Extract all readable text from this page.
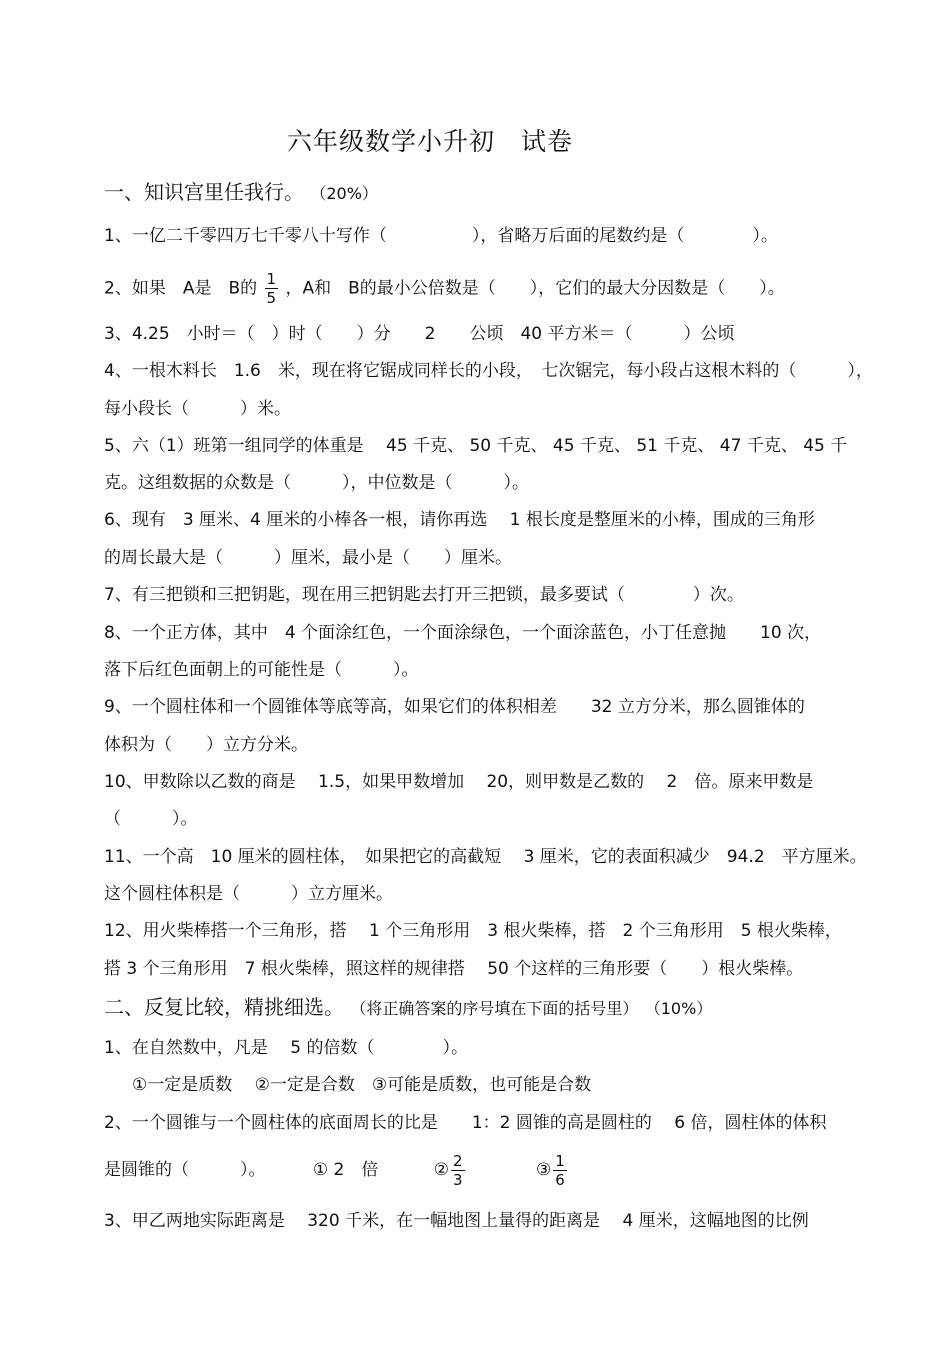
六年级数学小升初　试卷
一、知识宫里任我行。 （20%）
1、一亿二千零四万七千零八十写作（　　　　　），省略万后面的尾数约是（　　　　）。
2、如果　A是　B的 $\frac{1}{5}$ ，A和　B的最小公倍数是（　　），它们的最大分因数是（　　）。
3、4.25　小时＝（　）时（　　）分　　2　　公顷　40 平方米＝（　　　）公顷
4、一根木料长　1.6　米，现在将它锯成同样长的小段，　七次锯完，每小段占这根木料的（　　　），
每小段长（　　　）米。
5、六（1）班第一组同学的体重是　 45 千克、 50 千克、 45 千克、 51 千克、 47 千克、 45 千
克。这组数据的众数是（　　　），中位数是（　　　）。
6、现有　3 厘米、4 厘米的小棒各一根，请你再选　 1 根长度是整厘米的小棒，围成的三角形
的周长最大是（　　　）厘米，最小是（　　）厘米。
7、有三把锁和三把钥匙，现在用三把钥匙去打开三把锁，最多要试（　　　　）次。
8、一个正方体，其中　4 个面涂红色，一个面涂绿色，一个面涂蓝色，小丁任意抛　　10 次，
落下后红色面朝上的可能性是（　　　）。
9、一个圆柱体和一个圆锥体等底等高，如果它们的体积相差　　32 立方分米，那么圆锥体的
体积为（　　）立方分米。
10、甲数除以乙数的商是　 1.5，如果甲数增加　 20，则甲数是乙数的　 2　倍。原来甲数是
（　　　）。
11、一个高　10 厘米的圆柱体，　如果把它的高截短　 3 厘米，它的表面积减少　94.2　平方厘米。
这个圆柱体积是（　　　）立方厘米。
12、用火柴棒搭一个三角形，搭　 1 个三角形用　3 根火柴棒，搭　2 个三角形用　5 根火柴棒，
搭 3 个三角形用　7 根火柴棒，照这样的规律搭　 50 个这样的三角形要（　　）根火柴棒。
二、反复比较，精挑细选。 （将正确答案的序号填在下面的括号里） （10%）
1、在自然数中，凡是　 5 的倍数（　　　　）。
①一定是质数　 ②一定是合数　③可能是质数，也可能是合数
2、一个圆锥与一个圆柱体的底面周长的比是　　1：2 圆锥的高是圆柱的　 6 倍，圆柱体的体积
是圆锥的（　　　）。	① 2　倍	② $\frac{2}{3}$	③ $\frac{1}{6}$
3、甲乙两地实际距离是　 320 千米，在一幅地图上量得的距离是　 4 厘米，这幅地图的比例
